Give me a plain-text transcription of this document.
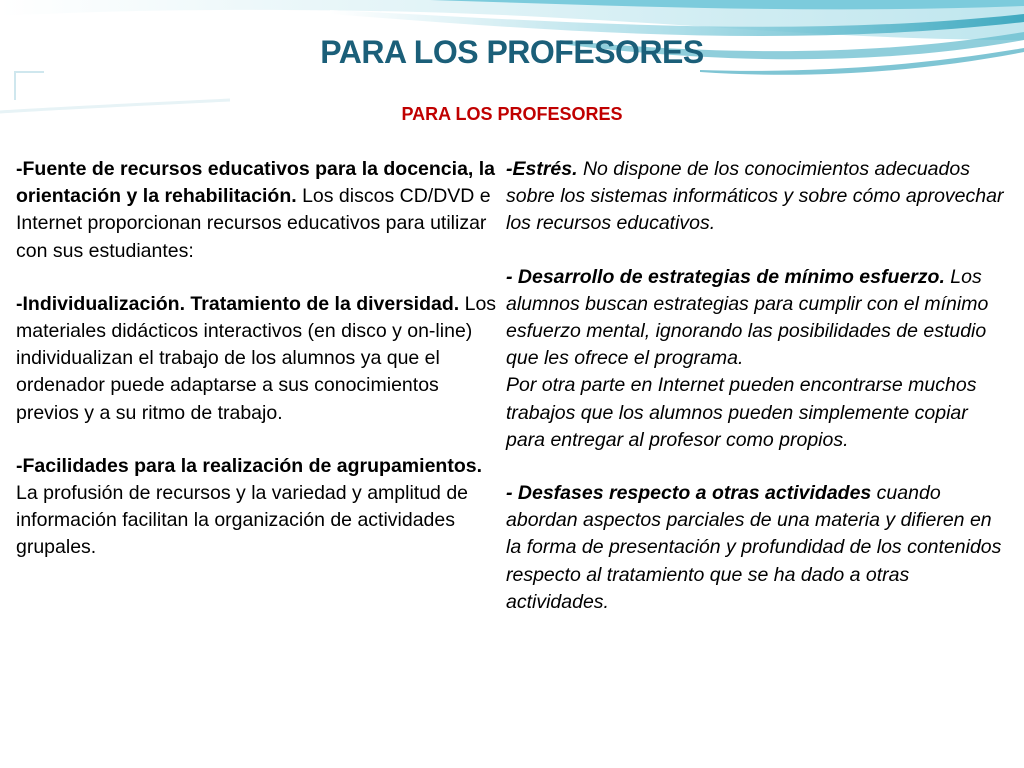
PARA LOS PROFESORES
PARA LOS PROFESORES

-Fuente de recursos educativos para la docencia, la orientación y la rehabilitación. Los discos CD/DVD e Internet proporcionan recursos educativos para utilizar con sus estudiantes:

-Individualización. Tratamiento de la diversidad. Los materiales didácticos interactivos (en disco y on-line) individualizan el trabajo de los alumnos ya que el ordenador puede adaptarse a sus conocimientos previos y a su ritmo de trabajo.

-Facilidades para la realización de agrupamientos. La profusión de recursos y la variedad y amplitud de información facilitan la organización de actividades grupales.

-Estrés. No dispone de los conocimientos adecuados sobre los sistemas informáticos y sobre cómo aprovechar los recursos educativos.

- Desarrollo de estrategias de mínimo esfuerzo. Los alumnos buscan estrategias para cumplir con el mínimo esfuerzo mental, ignorando las posibilidades de estudio que les ofrece el programa.

Por otra parte en Internet pueden encontrarse muchos trabajos que los alumnos pueden simplemente copiar para entregar al profesor como propios.

- Desfases respecto a otras actividades cuando abordan aspectos parciales de una materia y difieren en la forma de presentación y profundidad de los contenidos respecto al tratamiento que se ha dado a otras actividades.
